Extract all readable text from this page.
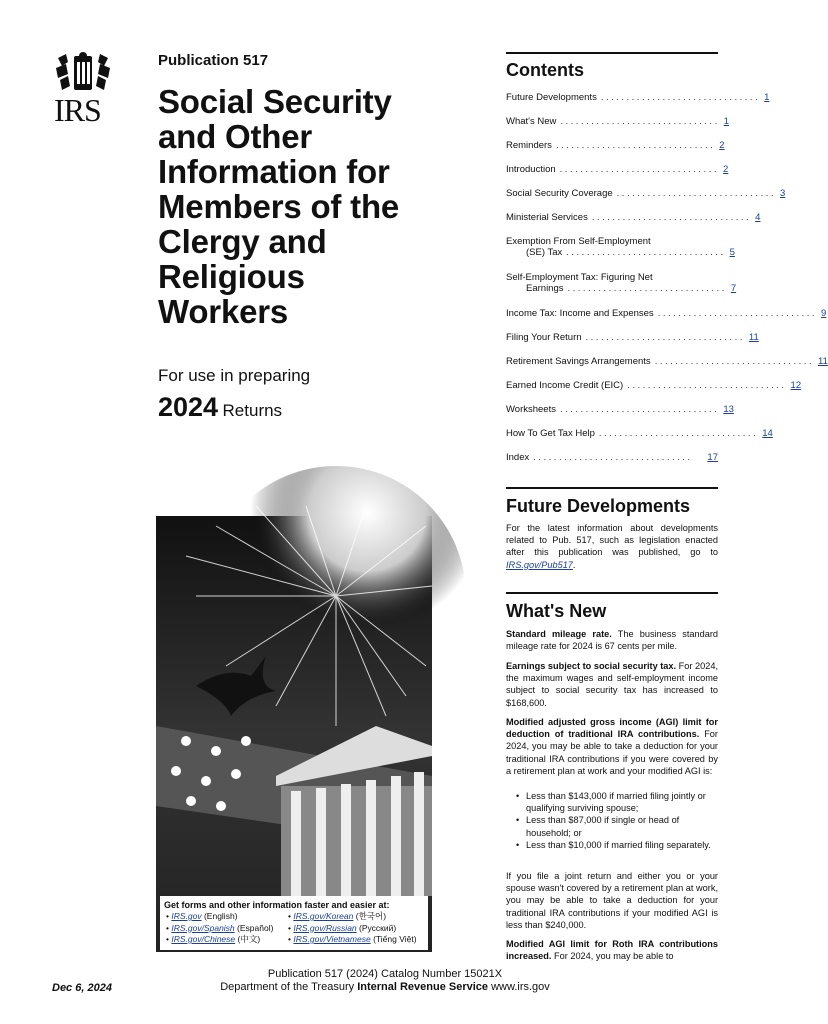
IRS
Publication 517
Social Security
and Other
Information for
Members of the
Clergy and
Religious
Workers
For use in preparing
2024 Returns
Get forms and other information faster and easier at:
• IRS.gov (English)
• IRS.gov/Spanish (Español)
• IRS.gov/Chinese (中文)
• IRS.gov/Korean (한국어)
• IRS.gov/Russian (Русский)
• IRS.gov/Vietnamese (Tiếng Việt)
Dec 6, 2024
Publication 517 (2024) Catalog Number 15021X
Department of the Treasury Internal Revenue Service www.irs.gov
Contents
Future Developments ............................... 1
What's New ............................... 1
Reminders ............................... 2
Introduction ............................... 2
Social Security Coverage ............................... 3
Ministerial Services ............................... 4
Exemption From Self-Employment
(SE) Tax ............................... 5
Self-Employment Tax: Figuring Net
Earnings ............................... 7
Income Tax: Income and Expenses ............................... 9
Filing Your Return ............................... 11
Retirement Savings Arrangements ............................... 11
Earned Income Credit (EIC) ............................... 12
Worksheets ............................... 13
How To Get Tax Help ............................... 14
Index ...............................	17
Future Developments

For the latest information about developments related to Pub. 517, such as legislation enacted after this publication was published, go to IRS.gov/Pub517.

What's New

Standard mileage rate. The business standard mileage rate for 2024 is 67 cents per mile.

Earnings subject to social security tax. For 2024, the maximum wages and self-employment income subject to social security tax has increased to $168,600.

Modified adjusted gross income (AGI) limit for deduction of traditional IRA contributions. For 2024, you may be able to take a deduction for your traditional IRA contributions if you were covered by a retirement plan at work and your modified AGI is:

• Less than $143,000 if married filing jointly or qualifying surviving spouse;
• Less than $87,000 if single or head of household; or
• Less than $10,000 if married filing separately.

If you file a joint return and either you or your spouse wasn't covered by a retirement plan at work, you may be able to take a deduction for your traditional IRA contributions if your modified AGI is less than $240,000.

Modified AGI limit for Roth IRA contributions increased. For 2024, you may be able to
